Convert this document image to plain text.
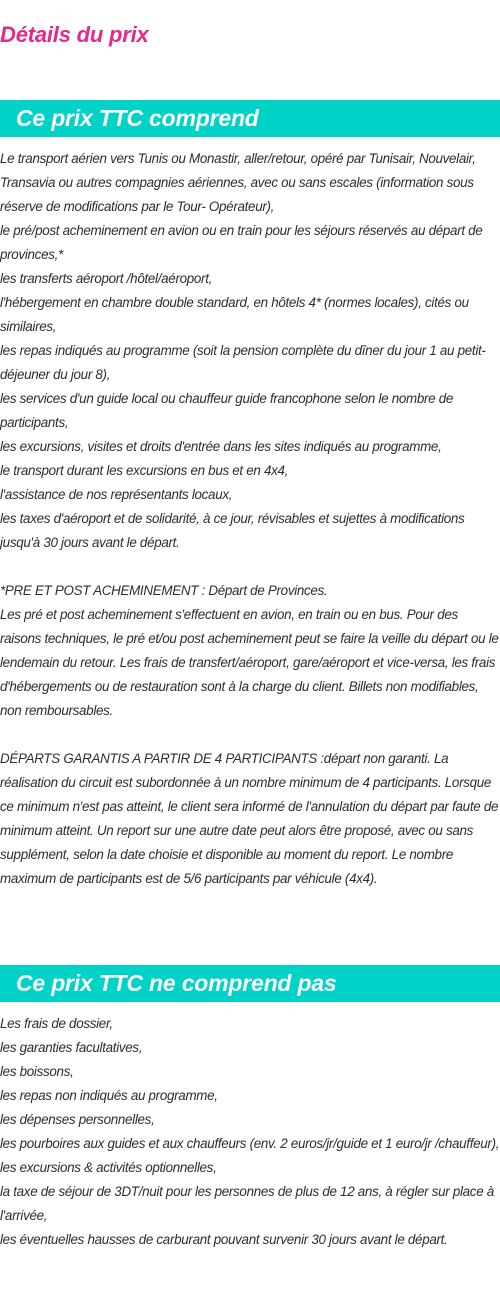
Détails du prix
Ce prix TTC comprend

Le transport aérien vers Tunis ou Monastir, aller/retour, opéré par Tunisair, Nouvelair, Transavia ou autres compagnies aériennes, avec ou sans escales (information sous réserve de modifications par le Tour- Opérateur),

le pré/post acheminement en avion ou en train pour les séjours réservés au départ de provinces,*

les transferts aéroport /hôtel/aéroport,

l'hébergement en chambre double standard, en hôtels 4* (normes locales), cités ou similaires,

les repas indiqués au programme (soit la pension complète du dîner du jour 1 au petit-déjeuner du jour 8),

les services d'un guide local ou chauffeur guide francophone selon le nombre de participants,

les excursions, visites et droits d'entrée dans les sites indiqués au programme,

le transport durant les excursions en bus et en 4x4,

l'assistance de nos représentants locaux,

les taxes d'aéroport et de solidarité, à ce jour, révisables et sujettes à modifications jusqu'à 30 jours avant le départ.

*PRE ET POST ACHEMINEMENT : Départ de Provinces.

Les pré et post acheminement s'effectuent en avion, en train ou en bus. Pour des raisons techniques, le pré et/ou post acheminement peut se faire la veille du départ ou le lendemain du retour. Les frais de transfert/aéroport, gare/aéroport et vice-versa, les frais d'hébergements ou de restauration sont à la charge du client. Billets non modifiables, non remboursables.

DÉPARTS GARANTIS A PARTIR DE 4 PARTICIPANTS :départ non garanti. La réalisation du circuit est subordonnée à un nombre minimum de 4 participants. Lorsque ce minimum n'est pas atteint, le client sera informé de l'annulation du départ par faute de minimum atteint. Un report sur une autre date peut alors être proposé, avec ou sans supplément, selon la date choisie et disponible au moment du report. Le nombre maximum de participants est de 5/6 participants par véhicule (4x4).

Ce prix TTC ne comprend pas

Les frais de dossier,

les garanties facultatives,

les boissons,

les repas non indiqués au programme,

les dépenses personnelles,

les pourboires aux guides et aux chauffeurs (env. 2 euros/jr/guide et 1 euro/jr /chauffeur),

les excursions & activités optionnelles,

la taxe de séjour de 3DT/nuit pour les personnes de plus de 12 ans, à régler sur place à l'arrivée,

les éventuelles hausses de carburant pouvant survenir 30 jours avant le départ.
